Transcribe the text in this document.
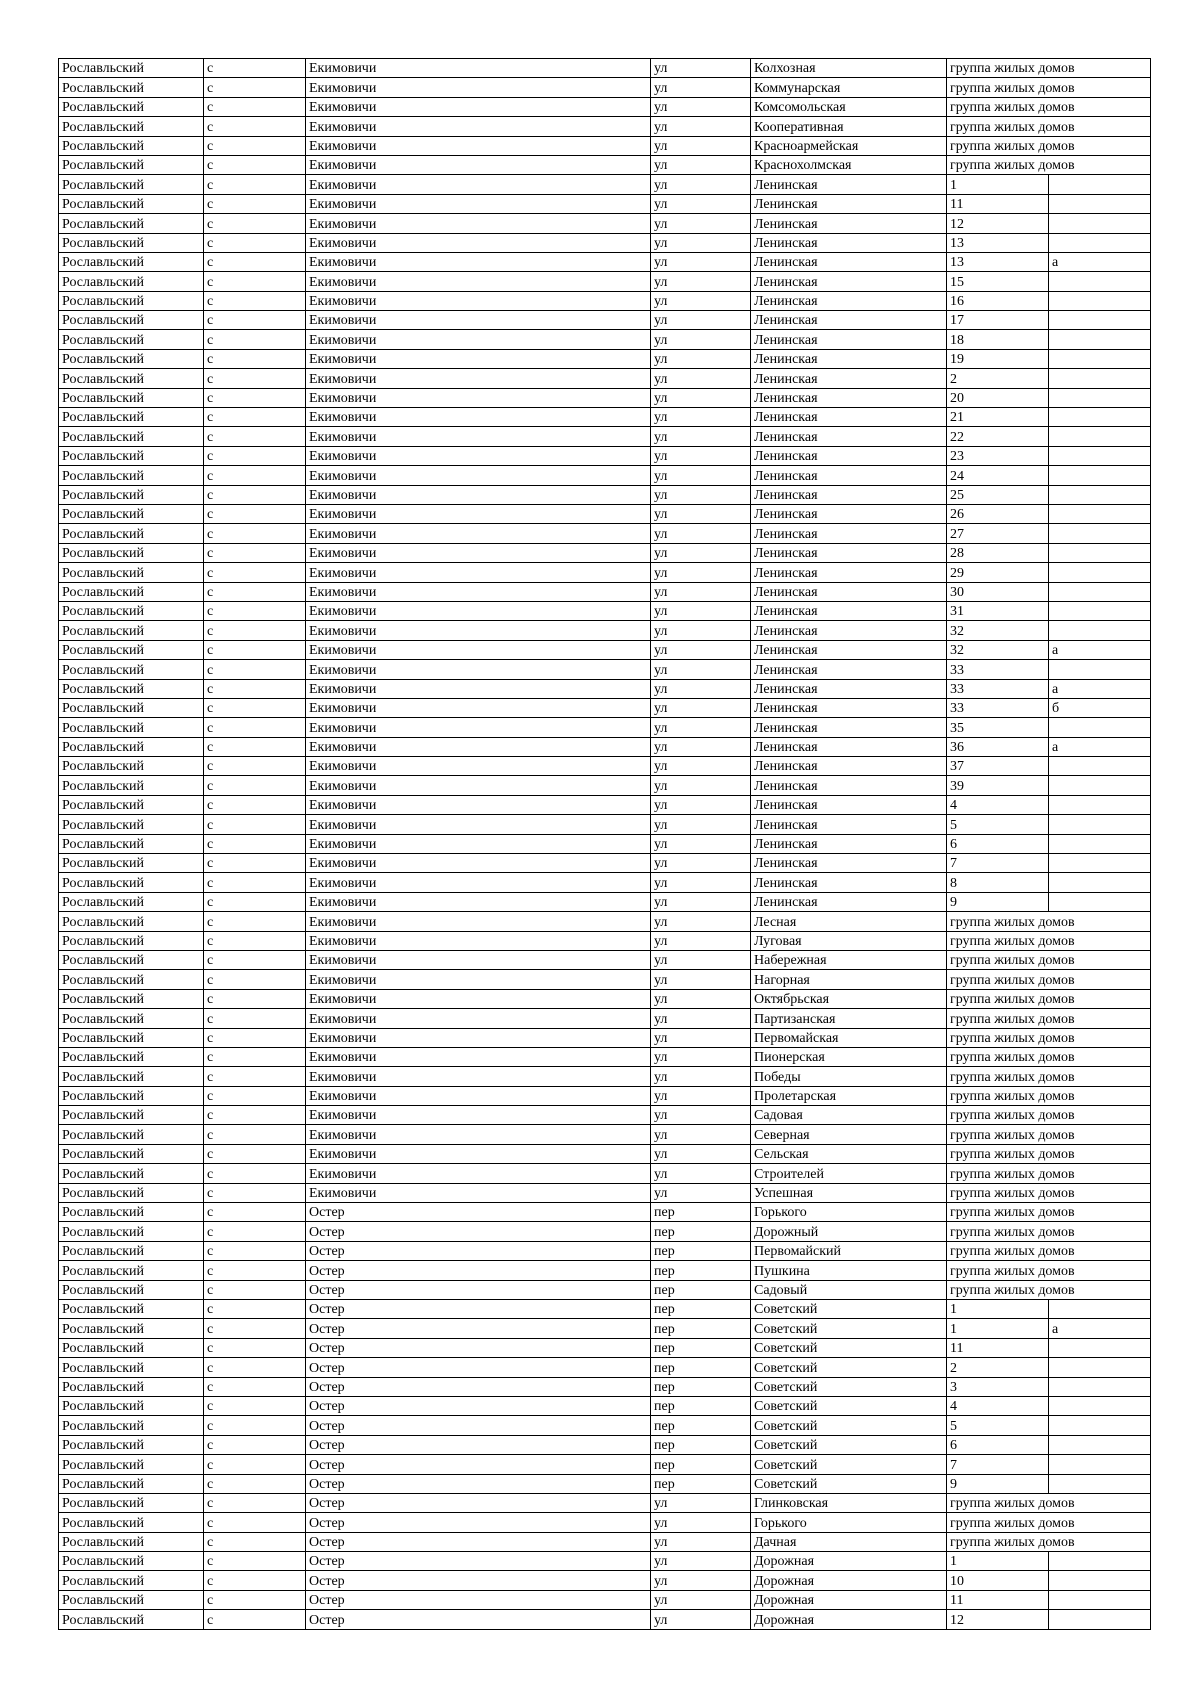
Рославльский	с	Екимовичи	ул	Колхозная	группа жилых домов	
Рославльский	с	Екимовичи	ул	Коммунарская	группа жилых домов	
Рославльский	с	Екимовичи	ул	Комсомольская	группа жилых домов	
Рославльский	с	Екимовичи	ул	Кооперативная	группа жилых домов	
Рославльский	с	Екимовичи	ул	Красноармейская	группа жилых домов	
Рославльский	с	Екимовичи	ул	Краснохолмская	группа жилых домов	
Рославльский	с	Екимовичи	ул	Ленинская	1	
Рославльский	с	Екимовичи	ул	Ленинская	11	
Рославльский	с	Екимовичи	ул	Ленинская	12	
Рославльский	с	Екимовичи	ул	Ленинская	13	
Рославльский	с	Екимовичи	ул	Ленинская	13	а
Рославльский	с	Екимовичи	ул	Ленинская	15	
Рославльский	с	Екимовичи	ул	Ленинская	16	
Рославльский	с	Екимовичи	ул	Ленинская	17	
Рославльский	с	Екимовичи	ул	Ленинская	18	
Рославльский	с	Екимовичи	ул	Ленинская	19	
Рославльский	с	Екимовичи	ул	Ленинская	2	
Рославльский	с	Екимовичи	ул	Ленинская	20	
Рославльский	с	Екимовичи	ул	Ленинская	21	
Рославльский	с	Екимовичи	ул	Ленинская	22	
Рославльский	с	Екимовичи	ул	Ленинская	23	
Рославльский	с	Екимовичи	ул	Ленинская	24	
Рославльский	с	Екимовичи	ул	Ленинская	25	
Рославльский	с	Екимовичи	ул	Ленинская	26	
Рославльский	с	Екимовичи	ул	Ленинская	27	
Рославльский	с	Екимовичи	ул	Ленинская	28	
Рославльский	с	Екимовичи	ул	Ленинская	29	
Рославльский	с	Екимовичи	ул	Ленинская	30	
Рославльский	с	Екимовичи	ул	Ленинская	31	
Рославльский	с	Екимовичи	ул	Ленинская	32	
Рославльский	с	Екимовичи	ул	Ленинская	32	а
Рославльский	с	Екимовичи	ул	Ленинская	33	
Рославльский	с	Екимовичи	ул	Ленинская	33	а
Рославльский	с	Екимовичи	ул	Ленинская	33	б
Рославльский	с	Екимовичи	ул	Ленинская	35	
Рославльский	с	Екимовичи	ул	Ленинская	36	а
Рославльский	с	Екимовичи	ул	Ленинская	37	
Рославльский	с	Екимовичи	ул	Ленинская	39	
Рославльский	с	Екимовичи	ул	Ленинская	4	
Рославльский	с	Екимовичи	ул	Ленинская	5	
Рославльский	с	Екимовичи	ул	Ленинская	6	
Рославльский	с	Екимовичи	ул	Ленинская	7	
Рославльский	с	Екимовичи	ул	Ленинская	8	
Рославльский	с	Екимовичи	ул	Ленинская	9	
Рославльский	с	Екимовичи	ул	Лесная	группа жилых домов	
Рославльский	с	Екимовичи	ул	Луговая	группа жилых домов	
Рославльский	с	Екимовичи	ул	Набережная	группа жилых домов	
Рославльский	с	Екимовичи	ул	Нагорная	группа жилых домов	
Рославльский	с	Екимовичи	ул	Октябрьская	группа жилых домов	
Рославльский	с	Екимовичи	ул	Партизанская	группа жилых домов	
Рославльский	с	Екимовичи	ул	Первомайская	группа жилых домов	
Рославльский	с	Екимовичи	ул	Пионерская	группа жилых домов	
Рославльский	с	Екимовичи	ул	Победы	группа жилых домов	
Рославльский	с	Екимовичи	ул	Пролетарская	группа жилых домов	
Рославльский	с	Екимовичи	ул	Садовая	группа жилых домов	
Рославльский	с	Екимовичи	ул	Северная	группа жилых домов	
Рославльский	с	Екимовичи	ул	Сельская	группа жилых домов	
Рославльский	с	Екимовичи	ул	Строителей	группа жилых домов	
Рославльский	с	Екимовичи	ул	Успешная	группа жилых домов	
Рославльский	с	Остер	пер	Горького	группа жилых домов	
Рославльский	с	Остер	пер	Дорожный	группа жилых домов	
Рославльский	с	Остер	пер	Первомайский	группа жилых домов	
Рославльский	с	Остер	пер	Пушкина	группа жилых домов	
Рославльский	с	Остер	пер	Садовый	группа жилых домов	
Рославльский	с	Остер	пер	Советский	1	
Рославльский	с	Остер	пер	Советский	1	а
Рославльский	с	Остер	пер	Советский	11	
Рославльский	с	Остер	пер	Советский	2	
Рославльский	с	Остер	пер	Советский	3	
Рославльский	с	Остер	пер	Советский	4	
Рославльский	с	Остер	пер	Советский	5	
Рославльский	с	Остер	пер	Советский	6	
Рославльский	с	Остер	пер	Советский	7	
Рославльский	с	Остер	пер	Советский	9	
Рославльский	с	Остер	ул	Глинковская	группа жилых домов	
Рославльский	с	Остер	ул	Горького	группа жилых домов	
Рославльский	с	Остер	ул	Дачная	группа жилых домов	
Рославльский	с	Остер	ул	Дорожная	1	
Рославльский	с	Остер	ул	Дорожная	10	
Рославльский	с	Остер	ул	Дорожная	11	
Рославльский	с	Остер	ул	Дорожная	12	
